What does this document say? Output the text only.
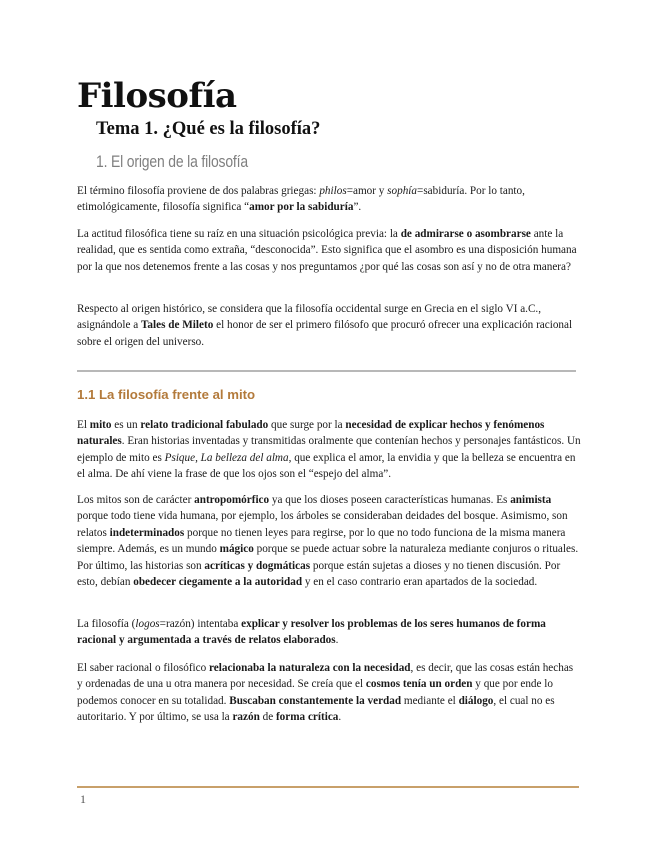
Filosofía
Tema 1. ¿Qué es la filosofía?
1. El origen de la filosofía

El término filosofía proviene de dos palabras griegas: philos=amor y sophía=sabiduría. Por lo tanto, etimológicamente, filosofía significa “amor por la sabiduría”.

La actitud filosófica tiene su raíz en una situación psicológica previa: la de admirarse o asombrarse ante la realidad, que es sentida como extraña, “desconocida”. Esto significa que el asombro es una disposición humana por la que nos detenemos frente a las cosas y nos preguntamos ¿por qué las cosas son así y no de otra manera?

Respecto al origen histórico, se considera que la filosofía occidental surge en Grecia en el siglo VI a.C., asignándole a Tales de Mileto el honor de ser el primero filósofo que procuró ofrecer una explicación racional sobre el origen del universo.

1.1 La filosofía frente al mito

El mito es un relato tradicional fabulado que surge por la necesidad de explicar hechos y fenómenos naturales. Eran historias inventadas y transmitidas oralmente que contenían hechos y personajes fantásticos. Un ejemplo de mito es Psique, La belleza del alma, que explica el amor, la envidia y que la belleza se encuentra en el alma. De ahí viene la frase de que los ojos son el “espejo del alma”.

Los mitos son de carácter antropomórfico ya que los dioses poseen características humanas. Es animista porque todo tiene vida humana, por ejemplo, los árboles se consideraban deidades del bosque. Asimismo, son relatos indeterminados porque no tienen leyes para regirse, por lo que no todo funciona de la misma manera siempre. Además, es un mundo mágico porque se puede actuar sobre la naturaleza mediante conjuros o rituales. Por último, las historias son acríticas y dogmáticas porque están sujetas a dioses y no tienen discusión. Por esto, debían obedecer ciegamente a la autoridad y en el caso contrario eran apartados de la sociedad.

La filosofía (logos=razón) intentaba explicar y resolver los problemas de los seres humanos de forma racional y argumentada a través de relatos elaborados.

El saber racional o filosófico relacionaba la naturaleza con la necesidad, es decir, que las cosas están hechas y ordenadas de una u otra manera por necesidad. Se creía que el cosmos tenía un orden y que por ende lo podemos conocer en su totalidad. Buscaban constantemente la verdad mediante el diálogo, el cual no es autoritario. Y por último, se usa la razón de forma crítica.

1
